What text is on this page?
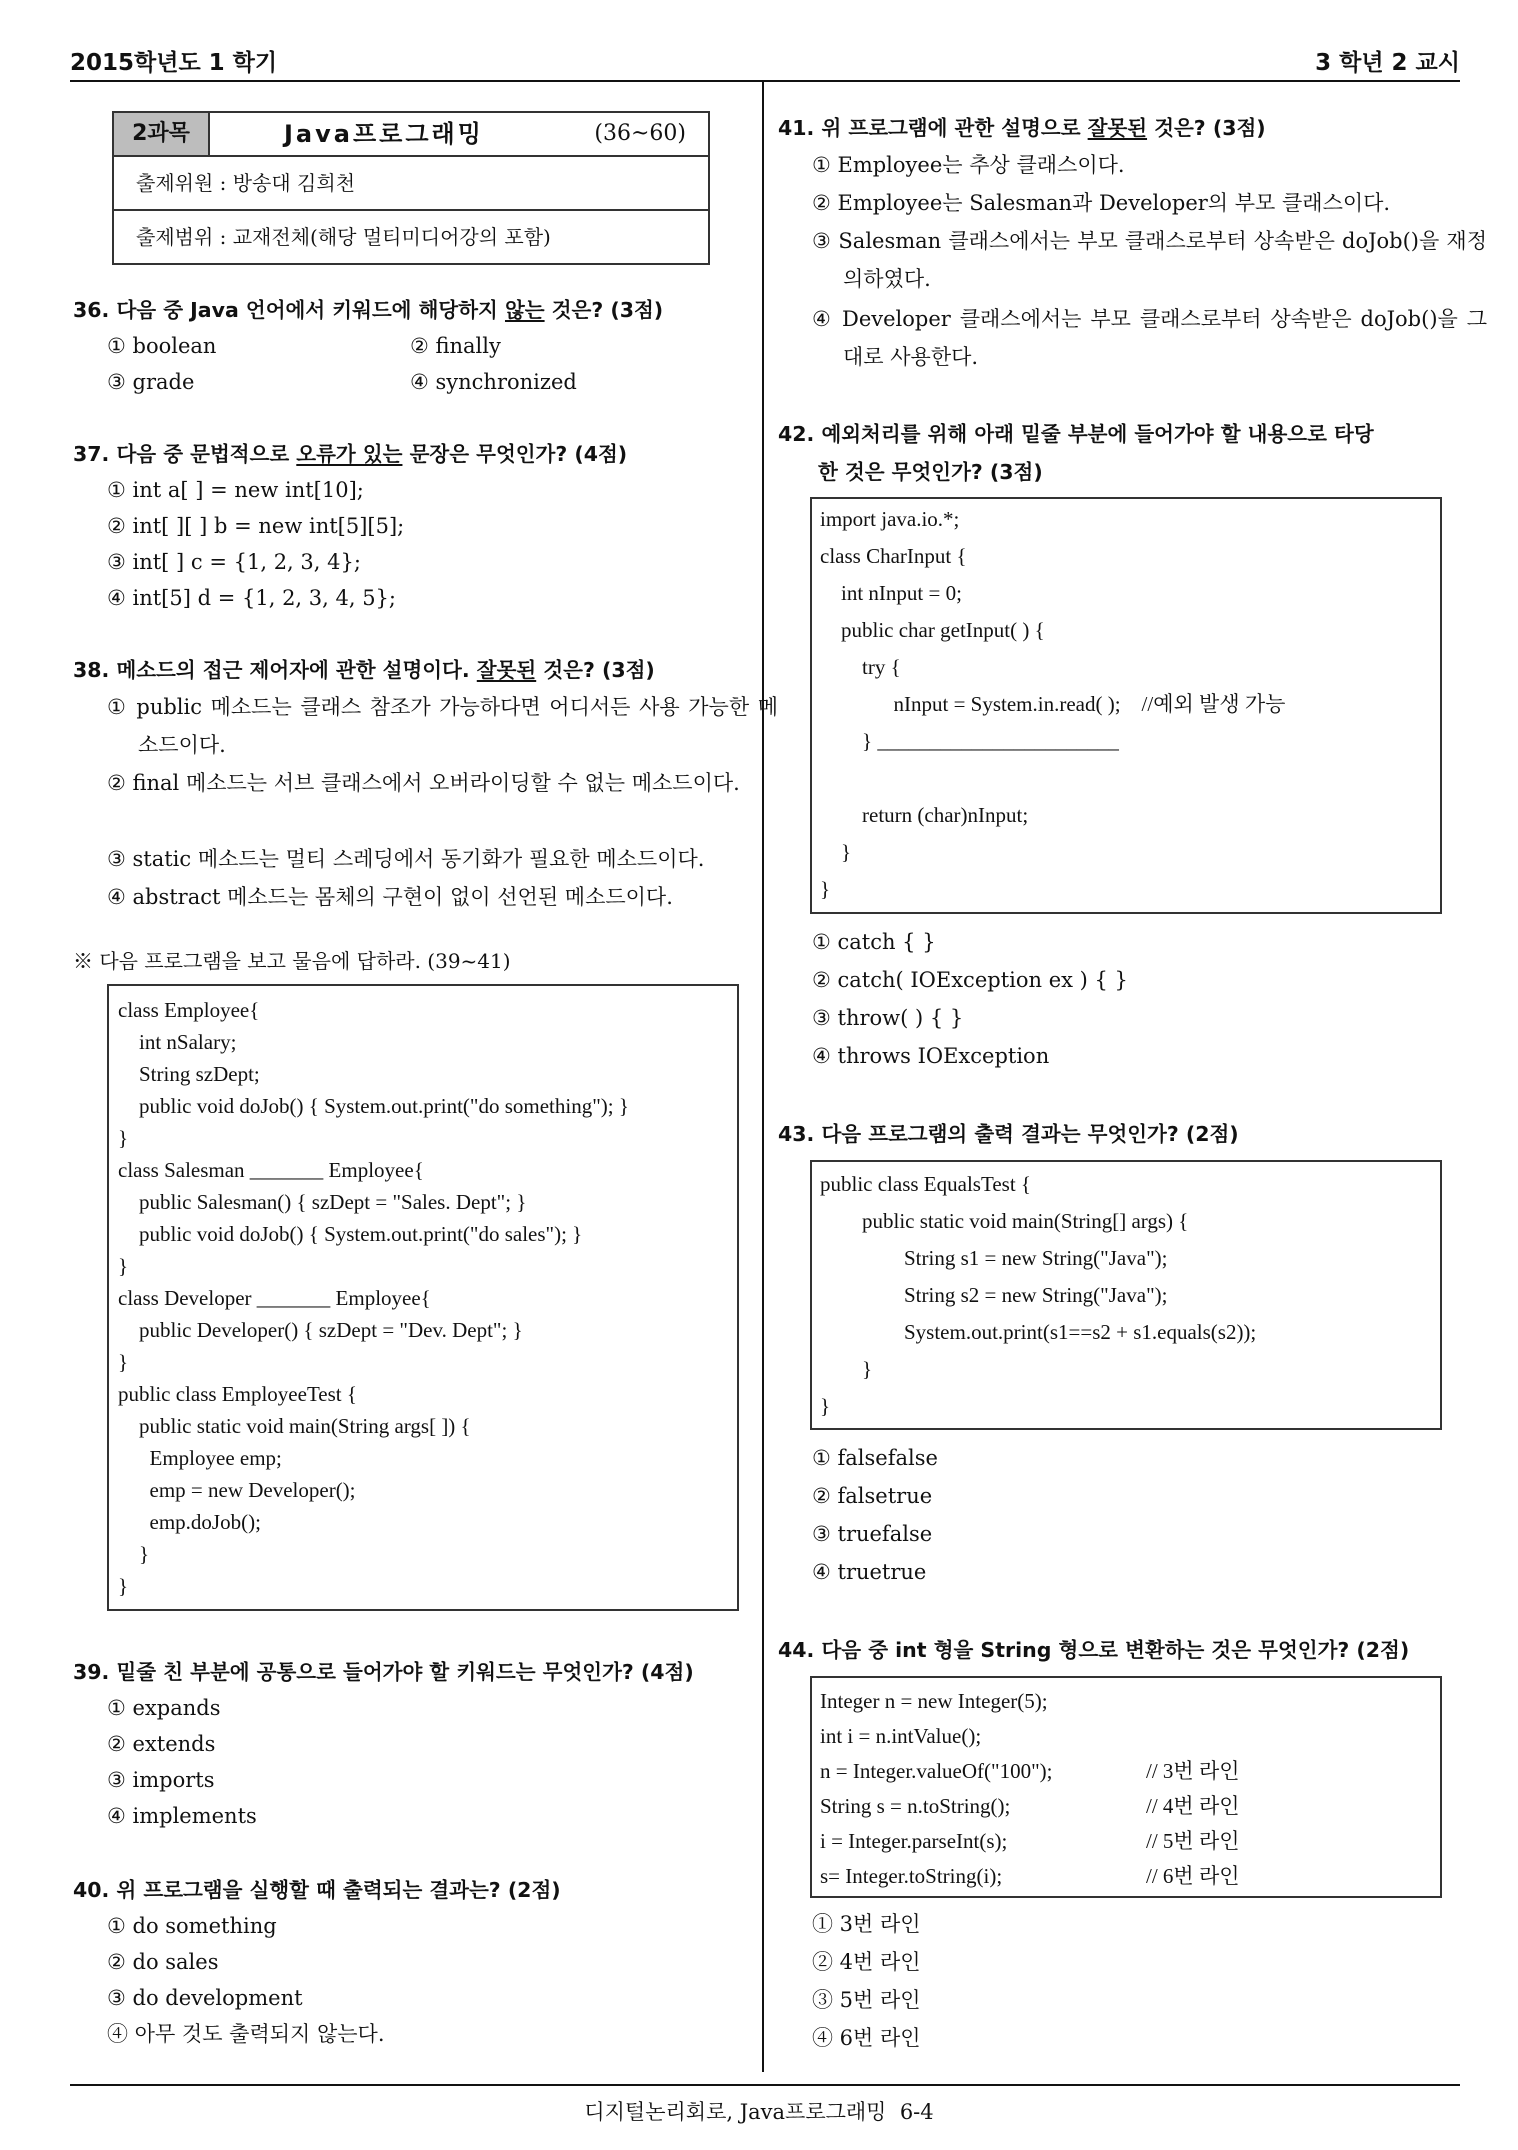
2015학년도 1 학기	3 학년 2 교시
2과목	Java프로그래밍	(36~60)
출제위원 : 방송대 김희천
출제범위 : 교재전체(해당 멀티미디어강의 포함)
36. 다음 중 Java 언어에서 키워드에 해당하지 않는 것은? (3점)
① boolean	② finally
③ grade	④ synchronized
37. 다음 중 문법적으로 오류가 있는 문장은 무엇인가? (4점)
① int a[ ] = new int[10];
② int[ ][ ] b = new int[5][5];
③ int[ ] c = {1, 2, 3, 4};
④ int[5] d = {1, 2, 3, 4, 5};
38. 메소드의 접근 제어자에 관한 설명이다. 잘못된 것은? (3점)
① public 메소드는 클래스 참조가 가능하다면 어디서든 사용 가능한 메소드이다.
② final 메소드는 서브 클래스에서 오버라이딩할 수 없는 메소드이다.
③ static 메소드는 멀티 스레딩에서 동기화가 필요한 메소드이다.
④ abstract 메소드는 몸체의 구현이 없이 선언된 메소드이다.
※ 다음 프로그램을 보고 물음에 답하라. (39~41)
class Employee{
int nSalary;
String szDept;
public void doJob() { System.out.print("do something"); }
}
class Salesman _______ Employee{
public Salesman() { szDept = "Sales. Dept"; }
public void doJob() { System.out.print("do sales"); }
}
class Developer _______ Employee{
public Developer() { szDept = "Dev. Dept"; }
}
public class EmployeeTest {
public static void main(String args[ ]) {
Employee emp;
emp = new Developer();
emp.doJob();
}
}
39. 밑줄 친 부분에 공통으로 들어가야 할 키워드는 무엇인가? (4점)
① expands
② extends
③ imports
④ implements
40. 위 프로그램을 실행할 때 출력되는 결과는? (2점)
① do something
② do sales
③ do development
④ 아무 것도 출력되지 않는다.
41. 위 프로그램에 관한 설명으로 잘못된 것은? (3점)
① Employee는 추상 클래스이다.
② Employee는 Salesman과 Developer의 부모 클래스이다.
③ Salesman 클래스에서는 부모 클래스로부터 상속받은 doJob()을 재정의하였다.
④ Developer 클래스에서는 부모 클래스로부터 상속받은 doJob()을 그대로 사용한다.
42. 예외처리를 위해 아래 밑줄 부분에 들어가야 할 내용으로 타당
한 것은 무엇인가? (3점)
import java.io.*;
class CharInput {
int nInput = 0;
public char getInput( ) {
try {
nInput = System.in.read( );    //예외 발생 가능
} _______________________

return (char)nInput;
}
}
① catch { }
② catch( IOException ex ) { }
③ throw( ) { }
④ throws IOException
43. 다음 프로그램의 출력 결과는 무엇인가? (2점)
public class EqualsTest {
public static void main(String[] args) {
String s1 = new String("Java");
String s2 = new String("Java");
System.out.print(s1==s2 + s1.equals(s2));
}
}
① falsefalse
② falsetrue
③ truefalse
④ truetrue
44. 다음 중 int 형을 String 형으로 변환하는 것은 무엇인가? (2점)
Integer n = new Integer(5);
int i = n.intValue();
n = Integer.valueOf("100");	// 3번 라인
String s = n.toString();	// 4번 라인
i = Integer.parseInt(s);	// 5번 라인
s= Integer.toString(i);	// 6번 라인
① 3번 라인
② 4번 라인
③ 5번 라인
④ 6번 라인
디지털논리회로, Java프로그래밍  6-4
